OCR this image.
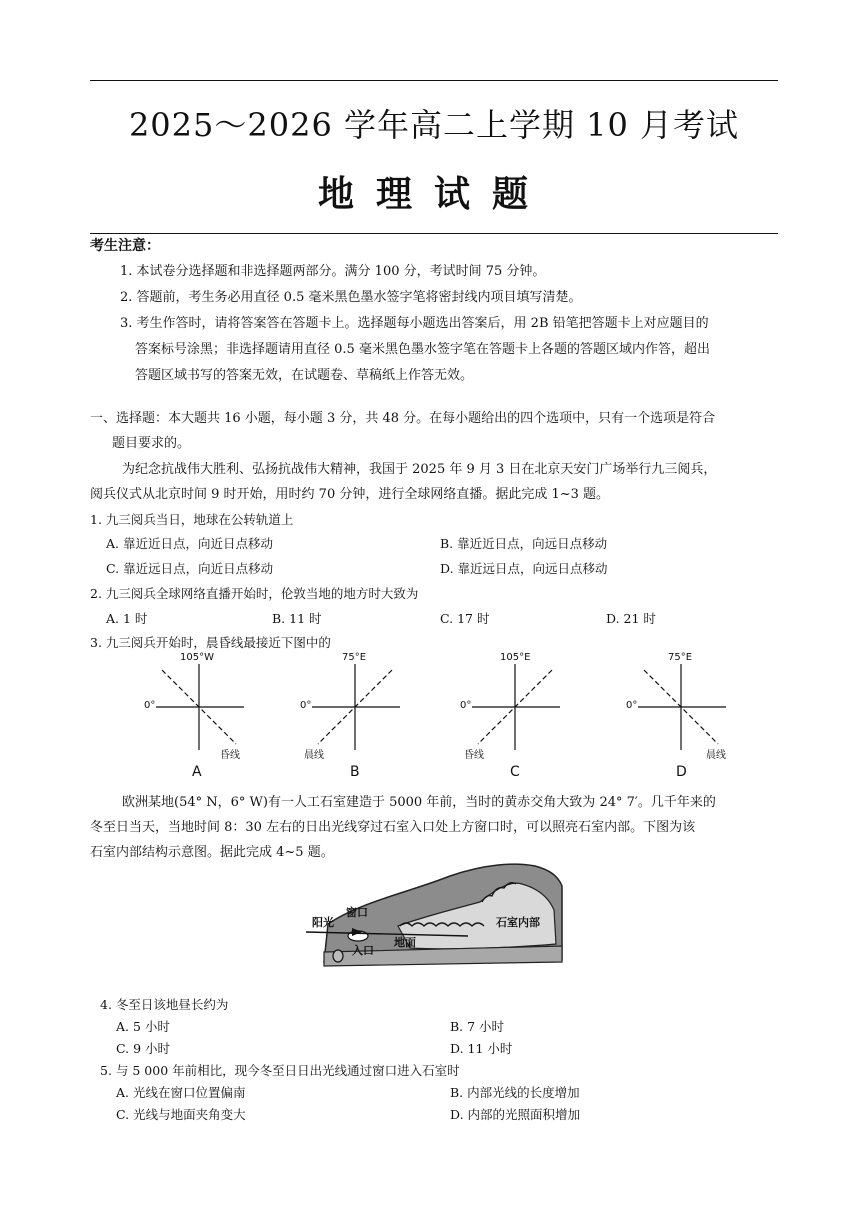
2025～2026 学年高二上学期 10 月考试
地理试题
考生注意：
1. 本试卷分选择题和非选择题两部分。满分 100 分，考试时间 75 分钟。
2. 答题前，考生务必用直径 0.5 毫米黑色墨水签字笔将密封线内项目填写清楚。
3. 考生作答时，请将答案答在答题卡上。选择题每小题选出答案后，用 2B 铅笔把答题卡上对应题目的
答案标号涂黑；非选择题请用直径 0.5 毫米黑色墨水签字笔在答题卡上各题的答题区域内作答，超出
答题区域书写的答案无效，在试题卷、草稿纸上作答无效。
一、选择题：本大题共 16 小题，每小题 3 分，共 48 分。在每小题给出的四个选项中，只有一个选项是符合
题目要求的。
为纪念抗战伟大胜利、弘扬抗战伟大精神，我国于 2025 年 9 月 3 日在北京天安门广场举行九三阅兵，
阅兵仪式从北京时间 9 时开始，用时约 70 分钟，进行全球网络直播。据此完成 1~3 题。
1. 九三阅兵当日，地球在公转轨道上
A. 靠近近日点，向近日点移动	B. 靠近近日点，向远日点移动
C. 靠近远日点，向近日点移动	D. 靠近远日点，向远日点移动
2. 九三阅兵全球网络直播开始时，伦敦当地的地方时大致为
A. 1 时	B. 11 时	C. 17 时	D. 21 时
3. 九三阅兵开始时，晨昏线最接近下图中的
105°W
0°
昏线
A
75°E
0°
晨线
B
105°E
0°
昏线
C
75°E
0°
晨线
D
欧洲某地(54° N，6° W)有一人工石室建造于 5000 年前，当时的黄赤交角大致为 24° 7′。几千年来的
冬至日当天，当地时间 8：30 左右的日出光线穿过石室入口处上方窗口时，可以照亮石室内部。下图为该
石室内部结构示意图。据此完成 4~5 题。
阳光
窗口
入口
地面
石室内部
4. 冬至日该地昼长约为
A. 5 小时	B. 7 小时
C. 9 小时	D. 11 小时
5. 与 5 000 年前相比，现今冬至日日出光线通过窗口进入石室时
A. 光线在窗口位置偏南	B. 内部光线的长度增加
C. 光线与地面夹角变大	D. 内部的光照面积增加
